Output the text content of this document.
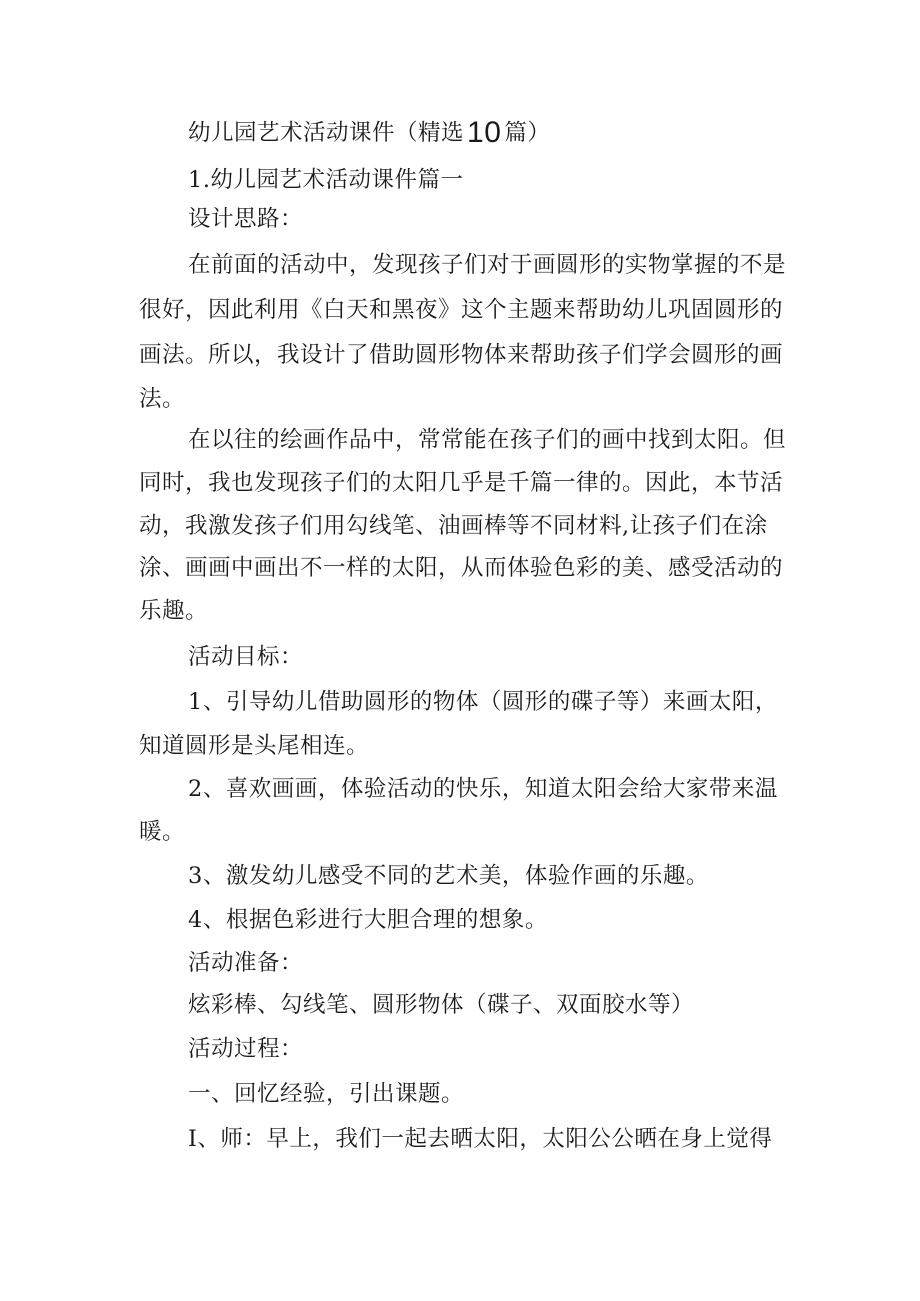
幼儿园艺术活动课件（精选 10 篇）
1.幼儿园艺术活动课件篇一
设计思路：
在前面的活动中，发现孩子们对于画圆形的实物掌握的不是
很好，因此利用《白天和黑夜》这个主题来帮助幼儿巩固圆形的
画法。所以，我设计了借助圆形物体来帮助孩子们学会圆形的画
法。
在以往的绘画作品中，常常能在孩子们的画中找到太阳。但
同时，我也发现孩子们的太阳几乎是千篇一律的。因此，本节活
动，我激发孩子们用勾线笔、油画棒等不同材料,让孩子们在涂
涂、画画中画出不一样的太阳，从而体验色彩的美、感受活动的
乐趣。
活动目标：
1、引导幼儿借助圆形的物体（圆形的碟子等）来画太阳，
知道圆形是头尾相连。
2、喜欢画画，体验活动的快乐，知道太阳会给大家带来温
暖。
3、激发幼儿感受不同的艺术美，体验作画的乐趣。
4、根据色彩进行大胆合理的想象。
活动准备：
炫彩棒、勾线笔、圆形物体（碟子、双面胶水等）
活动过程：
一、回忆经验，引出课题。
I、师：早上，我们一起去晒太阳，太阳公公晒在身上觉得
